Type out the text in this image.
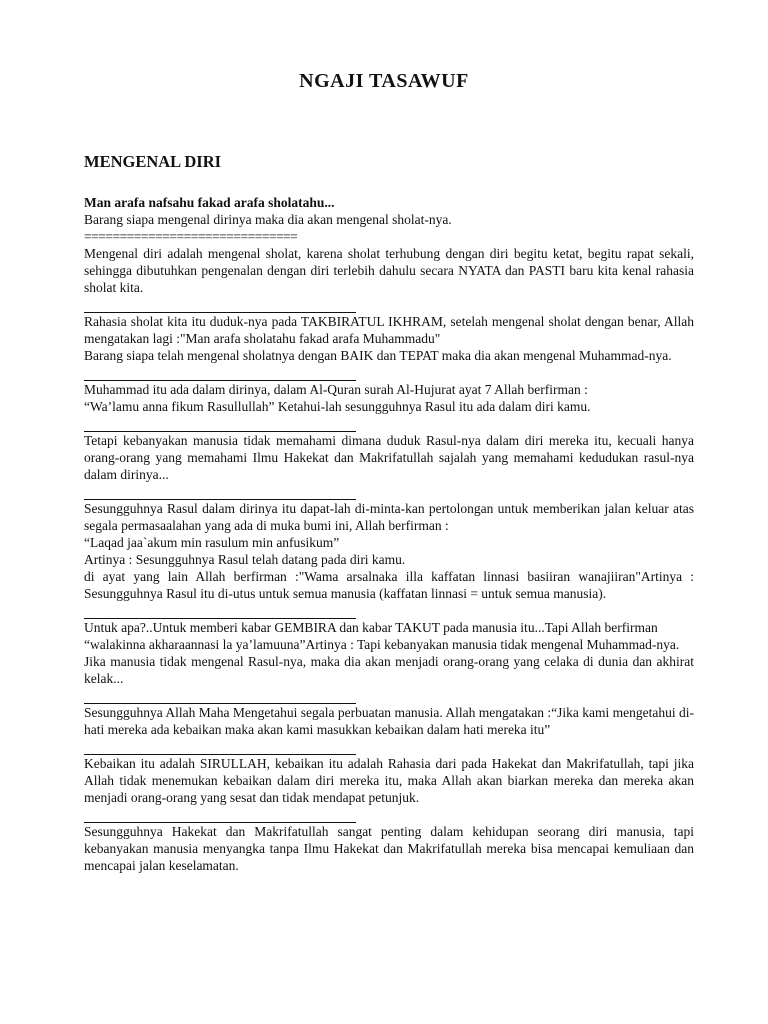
NGAJI TASAWUF
MENGENAL DIRI

Man arafa nafsahu fakad arafa sholatahu...

Barang siapa mengenal dirinya maka dia akan mengenal sholat-nya.

==============================

Mengenal diri adalah mengenal sholat, karena sholat terhubung dengan diri begitu ketat, begitu rapat sekali, sehingga dibutuhkan pengenalan dengan diri terlebih dahulu secara NYATA dan PASTI baru kita kenal rahasia sholat kita.

Rahasia sholat kita itu duduk-nya pada TAKBIRATUL IKHRAM, setelah mengenal sholat dengan benar, Allah mengatakan lagi :"Man arafa sholatahu fakad arafa Muhammadu"

Barang siapa telah mengenal sholatnya dengan BAIK dan TEPAT maka dia akan mengenal Muhammad-nya.

Muhammad itu ada dalam dirinya, dalam Al-Quran surah Al-Hujurat ayat 7 Allah berfirman :

“Wa’lamu anna fikum Rasullullah” Ketahui-lah sesungguhnya Rasul itu ada dalam diri kamu.

Tetapi kebanyakan manusia tidak memahami dimana duduk Rasul-nya dalam diri mereka itu, kecuali hanya orang-orang yang memahami Ilmu Hakekat dan Makrifatullah sajalah yang memahami kedudukan rasul-nya dalam dirinya...

Sesungguhnya Rasul dalam dirinya itu dapat-lah di-minta-kan pertolongan untuk memberikan jalan keluar atas segala permasaalahan yang ada di muka bumi ini, Allah berfirman :

“Laqad jaa`akum min rasulum min anfusikum”

Artinya : Sesungguhnya Rasul telah datang pada diri kamu.

di ayat yang lain Allah berfirman :"Wama arsalnaka illa kaffatan linnasi basiiran wanajiiran"Artinya : Sesungguhnya Rasul itu di-utus untuk semua manusia (kaffatan linnasi = untuk semua manusia).

Untuk apa?..Untuk memberi kabar GEMBIRA dan kabar TAKUT pada manusia itu...Tapi Allah berfirman

“walakinna akharaannasi la ya’lamuuna”Artinya : Tapi kebanyakan manusia tidak mengenal Muhammad-nya.

Jika manusia tidak mengenal Rasul-nya, maka dia akan menjadi orang-orang yang celaka di dunia dan akhirat kelak...

Sesungguhnya Allah Maha Mengetahui segala perbuatan manusia. Allah mengatakan :“Jika kami mengetahui di-hati mereka ada kebaikan maka akan kami masukkan kebaikan dalam hati mereka itu”

Kebaikan itu adalah SIRULLAH, kebaikan itu adalah Rahasia dari pada Hakekat dan Makrifatullah, tapi jika Allah tidak menemukan kebaikan dalam diri mereka itu, maka Allah akan biarkan mereka dan mereka akan menjadi orang-orang yang sesat dan tidak mendapat petunjuk.

Sesungguhnya Hakekat dan Makrifatullah sangat penting dalam kehidupan seorang diri manusia, tapi kebanyakan manusia menyangka tanpa Ilmu Hakekat dan Makrifatullah mereka bisa mencapai kemuliaan dan mencapai jalan keselamatan.
